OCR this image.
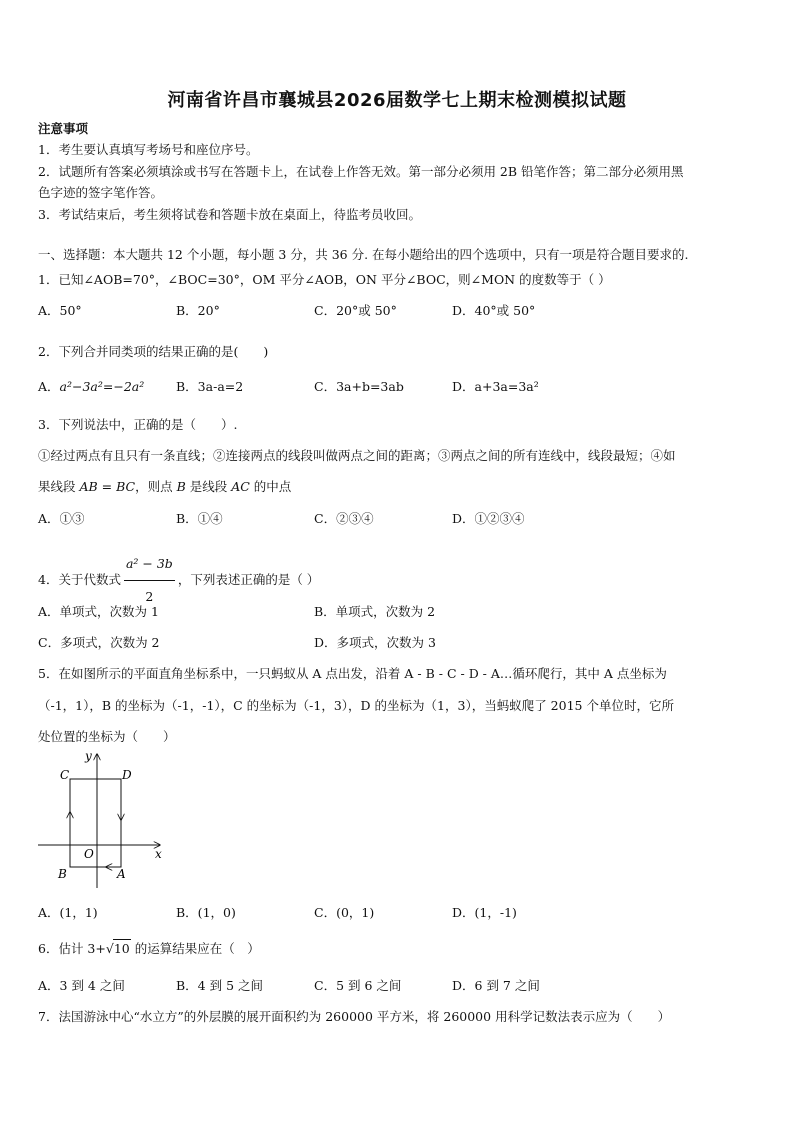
河南省许昌市襄城县2026届数学七上期末检测模拟试题
注意事项
1．考生要认真填写考场号和座位序号。
2．试题所有答案必须填涂或书写在答题卡上，在试卷上作答无效。第一部分必须用 2B 铅笔作答；第二部分必须用黑
色字迹的签字笔作答。
3．考试结束后，考生须将试卷和答题卡放在桌面上，待监考员收回。
一、选择题：本大题共 12 个小题，每小题 3 分，共 36 分. 在每小题给出的四个选项中，只有一项是符合题目要求的.
1．已知∠AOB=70°，∠BOC=30°，OM 平分∠AOB，ON 平分∠BOC，则∠MON 的度数等于（ ）
A．50°	B．20°	C．20°或 50°	D．40°或 50°
2．下列合并同类项的结果正确的是(　　)
A．a²−3a²=−2a²	B．3a-a=2	C．3a+b=3ab	D．a+3a=3a²
3．下列说法中，正确的是（　　）.
①经过两点有且只有一条直线；②连接两点的线段叫做两点之间的距离；③两点之间的所有连线中，线段最短；④如
果线段 AB = BC，则点 B 是线段 AC 的中点
A．①③	B．①④	C．②③④	D．①②③④
4．关于代数式 $\frac{\text{a² − 3b}}{2}$ ，下列表述正确的是（ ）
A．单项式，次数为 1	B．单项式，次数为 2
C．多项式，次数为 2	D．多项式，次数为 3
5．在如图所示的平面直角坐标系中，一只蚂蚁从 A 点出发，沿着 A - B - C - D - A…循环爬行，其中 A 点坐标为
（-1，1），B 的坐标为（-1，-1），C 的坐标为（-1，3），D 的坐标为（1，3），当蚂蚁爬了 2015 个单位时，它所
处位置的坐标为（　　）
y
x
O
C	D
B	A
A．(1，1)	B．(1，0)	C．(0，1)	D．(1，-1)
6．估计 3+√10 的运算结果应在（　）
A．3 到 4 之间	B．4 到 5 之间	C．5 到 6 之间	D．6 到 7 之间
7．法国游泳中心“水立方”的外层膜的展开面积约为 260000 平方米，将 260000 用科学记数法表示应为（　　）
